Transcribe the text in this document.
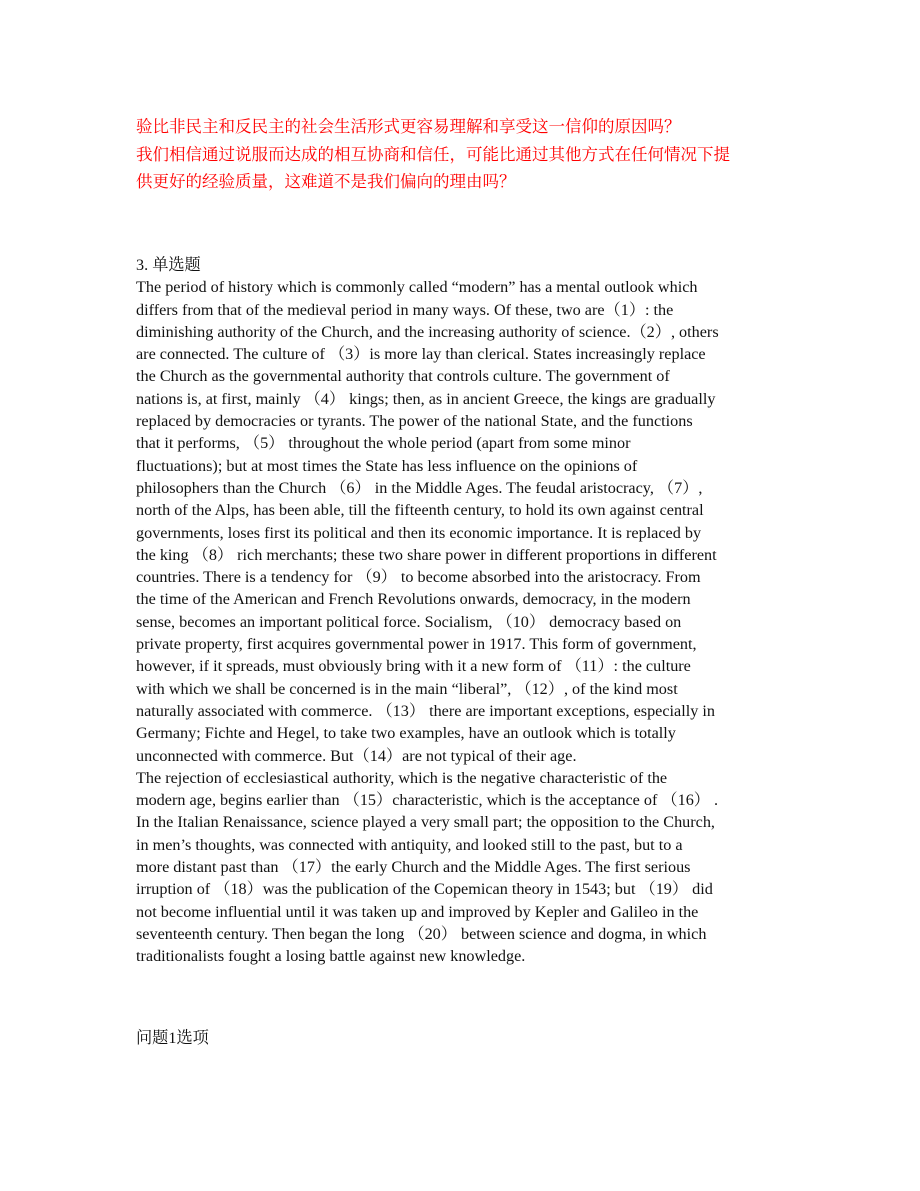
验比非民主和反民主的社会生活形式更容易理解和享受这一信仰的原因吗？
我们相信通过说服而达成的相互协商和信任，可能比通过其他方式在任何情况下提
供更好的经验质量，这难道不是我们偏向的理由吗？
3. 单选题
The period of history which is commonly called “modern” has a mental outlook which
differs from that of the medieval period in many ways. Of these, two are（1）: the
diminishing authority of the Church, and the increasing authority of science.（2）, others
are connected. The culture of （3）is more lay than clerical. States increasingly replace
the Church as the governmental authority that controls culture. The government of
nations is, at first, mainly （4） kings; then, as in ancient Greece, the kings are gradually
replaced by democracies or tyrants. The power of the national State, and the functions
that it performs, （5） throughout the whole period (apart from some minor
fluctuations); but at most times the State has less influence on the opinions of
philosophers than the Church （6） in the Middle Ages. The feudal aristocracy, （7）,
north of the Alps, has been able, till the fifteenth century, to hold its own against central
governments, loses first its political and then its economic importance. It is replaced by
the king （8） rich merchants; these two share power in different proportions in different
countries. There is a tendency for （9） to become absorbed into the aristocracy. From
the time of the American and French Revolutions onwards, democracy, in the modern
sense, becomes an important political force. Socialism, （10） democracy based on
private property, first acquires governmental power in 1917. This form of government,
however, if it spreads, must obviously bring with it a new form of （11）: the culture
with which we shall be concerned is in the main “liberal”, （12）, of the kind most
naturally associated with commerce. （13） there are important exceptions, especially in
Germany; Fichte and Hegel, to take two examples, have an outlook which is totally
unconnected with commerce. But（14）are not typical of their age.
The rejection of ecclesiastical authority, which is the negative characteristic of the
modern age, begins earlier than （15）characteristic, which is the acceptance of （16） .
In the Italian Renaissance, science played a very small part; the opposition to the Church,
in men’s thoughts, was connected with antiquity, and looked still to the past, but to a
more distant past than （17）the early Church and the Middle Ages. The first serious
irruption of （18）was the publication of the Copemican theory in 1543; but （19） did
not become influential until it was taken up and improved by Kepler and Galileo in the
seventeenth century. Then began the long （20） between science and dogma, in which
traditionalists fought a losing battle against new knowledge.
问题1选项
